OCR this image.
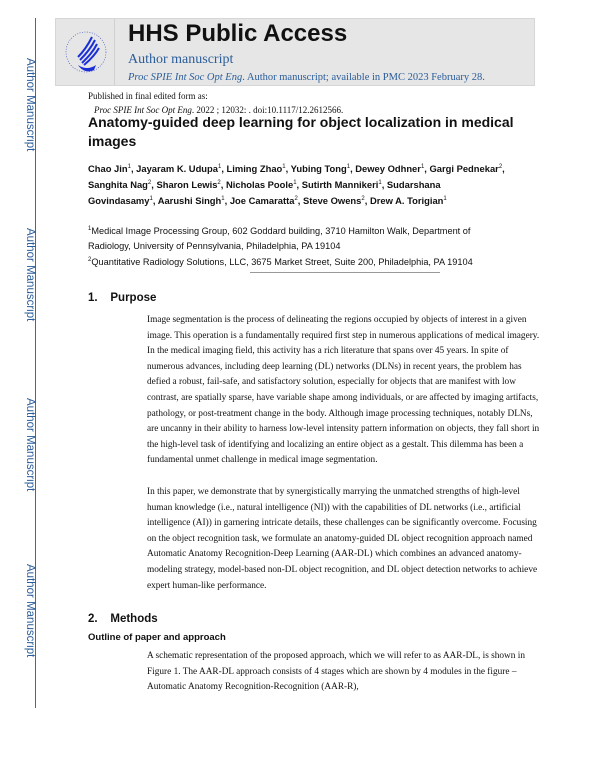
Author Manuscript
Author Manuscript
Author Manuscript
Author Manuscript
HHS Public Access
Author manuscript
Proc SPIE Int Soc Opt Eng. Author manuscript; available in PMC 2023 February 28.
Published in final edited form as:
Proc SPIE Int Soc Opt Eng. 2022 ; 12032: . doi:10.1117/12.2612566.
Anatomy-guided deep learning for object localization in medical images
Chao Jin$^1$, Jayaram K. Udupa$^1$, Liming Zhao$^1$, Yubing Tong$^1$, Dewey Odhner$^1$, Gargi Pednekar$^2$, Sanghita Nag$^2$, Sharon Lewis$^2$, Nicholas Poole$^1$, Sutirth Mannikeri$^1$, Sudarshana Govindasamy$^1$, Aarushi Singh$^1$, Joe Camaratta$^2$, Steve Owens$^2$, Drew A. Torigian$^1$
$^1$Medical Image Processing Group, 602 Goddard building, 3710 Hamilton Walk, Department of Radiology, University of Pennsylvania, Philadelphia, PA 19104
$^2$Quantitative Radiology Solutions, LLC, 3675 Market Street, Suite 200, Philadelphia, PA 19104
1.    Purpose
Image segmentation is the process of delineating the regions occupied by objects of interest in a given image. This operation is a fundamentally required first step in numerous applications of medical imagery. In the medical imaging field, this activity has a rich literature that spans over 45 years. In spite of numerous advances, including deep learning (DL) networks (DLNs) in recent years, the problem has defied a robust, fail-safe, and satisfactory solution, especially for objects that are manifest with low contrast, are spatially sparse, have variable shape among individuals, or are affected by imaging artifacts, pathology, or post-treatment change in the body. Although image processing techniques, notably DLNs, are uncanny in their ability to harness low-level intensity pattern information on objects, they fall short in the high-level task of identifying and localizing an entire object as a gestalt. This dilemma has been a fundamental unmet challenge in medical image segmentation.
In this paper, we demonstrate that by synergistically marrying the unmatched strengths of high-level human knowledge (i.e., natural intelligence (NI)) with the capabilities of DL networks (i.e., artificial intelligence (AI)) in garnering intricate details, these challenges can be significantly overcome. Focusing on the object recognition task, we formulate an anatomy-guided DL object recognition approach named Automatic Anatomy Recognition-Deep Learning (AAR-DL) which combines an advanced anatomy-modeling strategy, model-based non-DL object recognition, and DL object detection networks to achieve expert human-like performance.
2.    Methods
Outline of paper and approach
A schematic representation of the proposed approach, which we will refer to as AAR-DL, is shown in Figure 1. The AAR-DL approach consists of 4 stages which are shown by 4 modules in the figure – Automatic Anatomy Recognition-Recognition (AAR-R),
